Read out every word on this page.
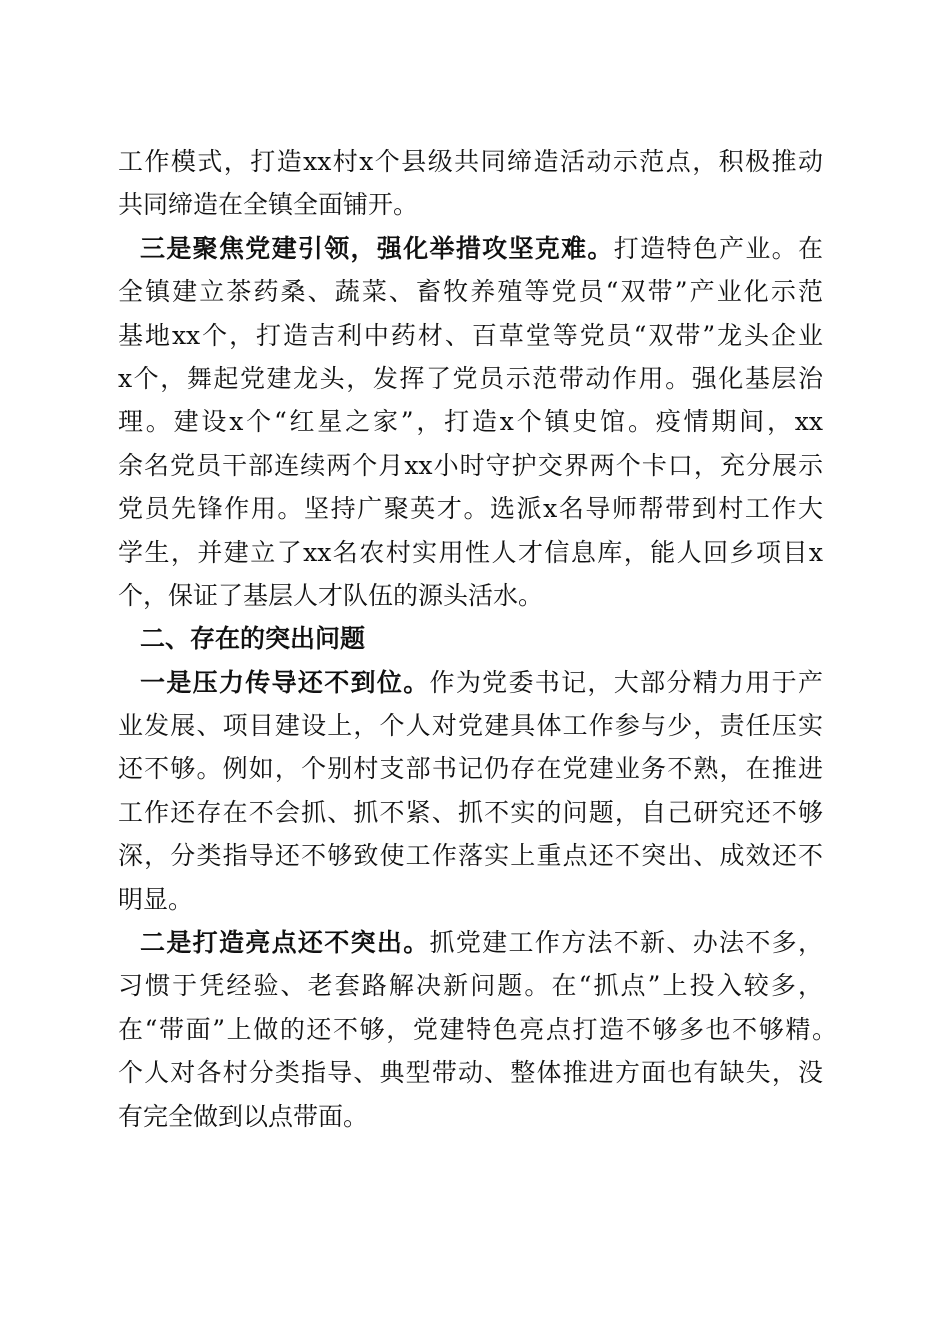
工作模式，打造xx村x个县级共同缔造活动示范点，积极推动
共同缔造在全镇全面铺开。
三是聚焦党建引领，强化举措攻坚克难。打造特色产业。在
全镇建立茶药桑、蔬菜、畜牧养殖等党员“双带”产业化示范
基地xx个，打造吉利中药材、百草堂等党员“双带”龙头企业
x个，舞起党建龙头，发挥了党员示范带动作用。强化基层治
理。建设x个“红星之家”，打造x个镇史馆。疫情期间，xx
余名党员干部连续两个月xx小时守护交界两个卡口，充分展示
党员先锋作用。坚持广聚英才。选派x名导师帮带到村工作大
学生，并建立了xx名农村实用性人才信息库，能人回乡项目x
个，保证了基层人才队伍的源头活水。
二、存在的突出问题
一是压力传导还不到位。作为党委书记，大部分精力用于产
业发展、项目建设上，个人对党建具体工作参与少，责任压实
还不够。例如，个别村支部书记仍存在党建业务不熟，在推进
工作还存在不会抓、抓不紧、抓不实的问题，自己研究还不够
深，分类指导还不够致使工作落实上重点还不突出、成效还不
明显。
二是打造亮点还不突出。抓党建工作方法不新、办法不多，
习惯于凭经验、老套路解决新问题。在“抓点”上投入较多，
在“带面”上做的还不够，党建特色亮点打造不够多也不够精。
个人对各村分类指导、典型带动、整体推进方面也有缺失，没
有完全做到以点带面。
